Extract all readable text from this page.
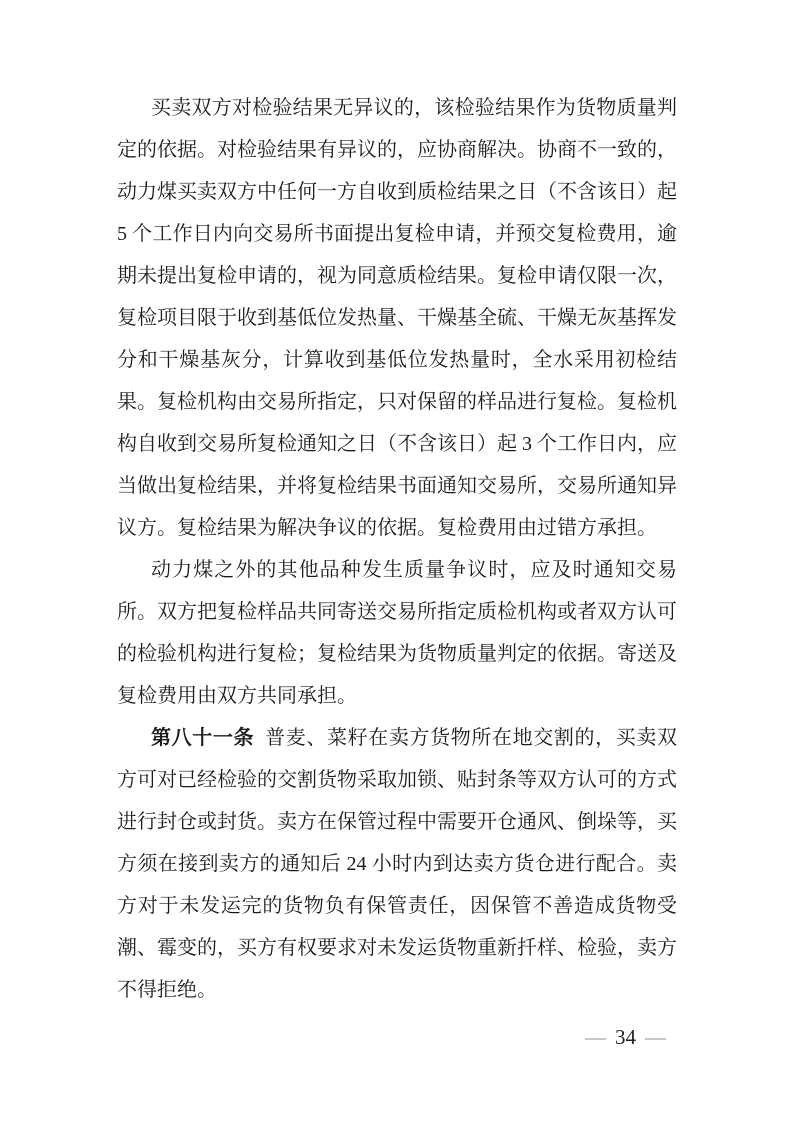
买卖双方对检验结果无异议的，该检验结果作为货物质量判定的依据。对检验结果有异议的，应协商解决。协商不一致的，动力煤买卖双方中任何一方自收到质检结果之日（不含该日）起 5 个工作日内向交易所书面提出复检申请，并预交复检费用，逾期未提出复检申请的，视为同意质检结果。复检申请仅限一次，复检项目限于收到基低位发热量、干燥基全硫、干燥无灰基挥发分和干燥基灰分，计算收到基低位发热量时，全水采用初检结果。复检机构由交易所指定，只对保留的样品进行复检。复检机构自收到交易所复检通知之日（不含该日）起 3 个工作日内，应当做出复检结果，并将复检结果书面通知交易所，交易所通知异议方。复检结果为解决争议的依据。复检费用由过错方承担。

动力煤之外的其他品种发生质量争议时，应及时通知交易所。双方把复检样品共同寄送交易所指定质检机构或者双方认可的检验机构进行复检；复检结果为货物质量判定的依据。寄送及复检费用由双方共同承担。

第八十一条 普麦、菜籽在卖方货物所在地交割的，买卖双方可对已经检验的交割货物采取加锁、贴封条等双方认可的方式进行封仓或封货。卖方在保管过程中需要开仓通风、倒垛等，买方须在接到卖方的通知后 24 小时内到达卖方货仓进行配合。卖方对于未发运完的货物负有保管责任，因保管不善造成货物受潮、霉变的，买方有权要求对未发运货物重新扦样、检验，卖方不得拒绝。

— 34 —
